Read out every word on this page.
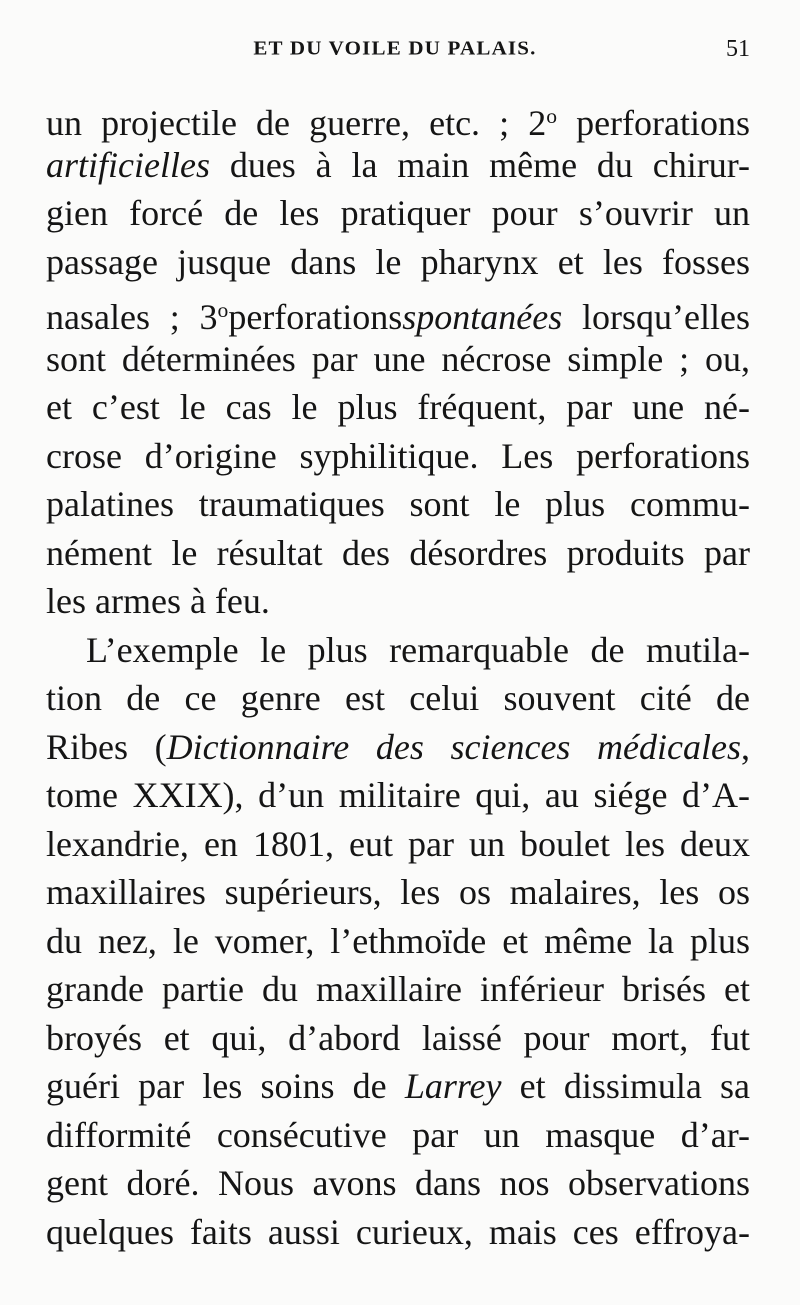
ET DU VOILE DU PALAIS.	51
un projectile de guerre, etc. ; 2$^o$ perforations
artificielles dues à la main même du chirur-
gien forcé de les pratiquer pour s’ouvrir un
passage jusque dans le pharynx et les fosses
nasales ; 3$^o$perforationsspontanées lorsqu’elles
sont déterminées par une nécrose simple ; ou,
et c’est le cas le plus fréquent, par une né-
crose d’origine syphilitique. Les perforations
palatines traumatiques sont le plus commu-
nément le résultat des désordres produits par
les armes à feu.
L’exemple le plus remarquable de mutila-
tion de ce genre est celui souvent cité de
Ribes (Dictionnaire des sciences médicales,
tome XXIX), d’un militaire qui, au siége d’A-
lexandrie, en 1801, eut par un boulet les deux
maxillaires supérieurs, les os malaires, les os
du nez, le vomer, l’ethmoïde et même la plus
grande partie du maxillaire inférieur brisés et
broyés et qui, d’abord laissé pour mort, fut
guéri par les soins de Larrey et dissimula sa
difformité consécutive par un masque d’ar-
gent doré. Nous avons dans nos observations
quelques faits aussi curieux, mais ces effroya-
